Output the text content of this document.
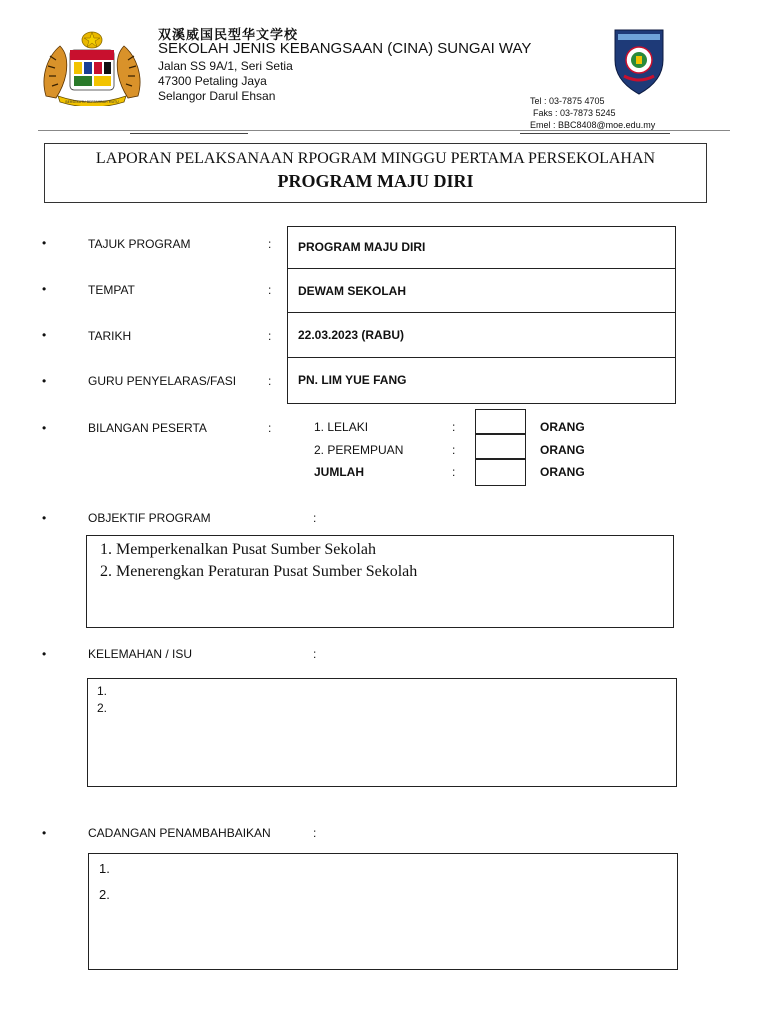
BERSEKUTU BERTAMBAH MUTU
双溪威国民型华文学校
SEKOLAH JENIS KEBANGSAAN (CINA) SUNGAI WAY
Jalan SS 9A/1, Seri Setia
47300 Petaling Jaya
Selangor Darul Ehsan	Tel : 03-7875 4705
Faks : 03-7873 5245
Emel : BBC8408@moe.edu.my
LAPORAN PELAKSANAAN RPOGRAM MINGGU PERTAMA PERSEKOLAHAN
PROGRAM MAJU DIRI
•	TAJUK PROGRAM	: PROGRAM MAJU DIRI
•	TEMPAT	: DEWAM SEKOLAH
•	TARIKH	: 22.03.2023 (RABU)
•	GURU PENYELARAS/FASI	: PN. LIM YUE FANG
•	BILANGAN PESERTA	:	1. LELAKI	:	ORANG
2. PEREMPUAN	:	ORANG
JUMLAH	:	ORANG
•	OBJEKTIF PROGRAM	:
1. Memperkenalkan Pusat Sumber Sekolah
2. Menerengkan Peraturan Pusat Sumber Sekolah
•	KELEMAHAN / ISU	:
1.
2.
•	CADANGAN PENAMBAHBAIKAN	:
1.
2.
